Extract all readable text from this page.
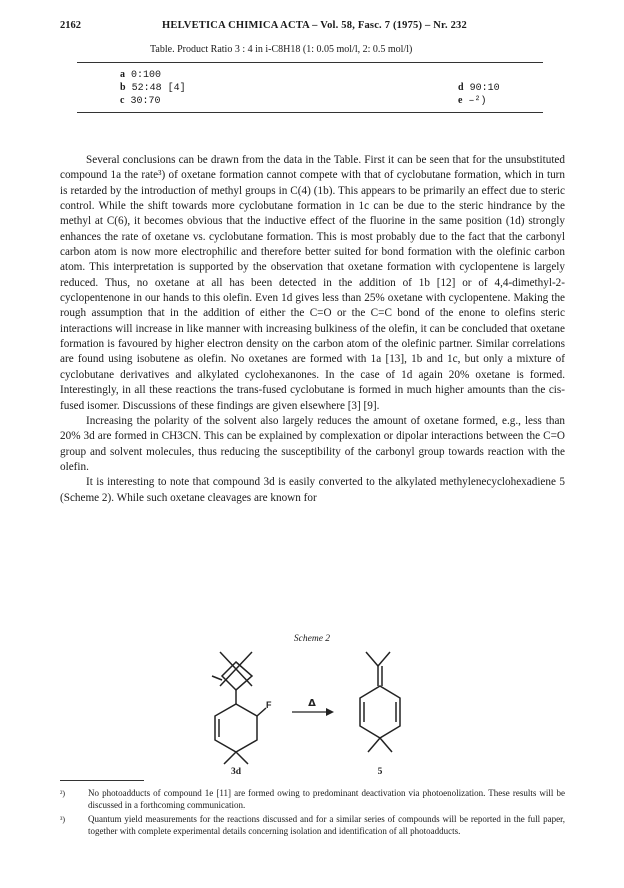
2162	HELVETICA CHIMICA ACTA – Vol. 58, Fasc. 7 (1975) – Nr. 232
Table. Product Ratio 3 : 4 in i-C8H18 (1: 0.05 mol/l, 2: 0.5 mol/l)
a 0:100
b 52:48 [4]
c 30:70
d 90:10
e –²)

Several conclusions can be drawn from the data in the Table. First it can be seen that for the unsubstituted compound 1a the rate³) of oxetane formation cannot compete with that of cyclobutane formation, which in turn is retarded by the introduction of methyl groups in C(4) (1b). This appears to be primarily an effect due to steric control. While the shift towards more cyclobutane formation in 1c can be due to the steric hindrance by the methyl at C(6), it becomes obvious that the inductive effect of the fluorine in the same position (1d) strongly enhances the rate of oxetane vs. cyclobutane formation. This is most probably due to the fact that the carbonyl carbon atom is now more electrophilic and therefore better suited for bond formation with the olefinic carbon atom. This interpretation is supported by the observation that oxetane formation with cyclopentene is largely reduced. Thus, no oxetane at all has been detected in the addition of 1b [12] or of 4,4-dimethyl-2-cyclopentenone in our hands to this olefin. Even 1d gives less than 25% oxetane with cyclopentene. Making the rough assumption that in the addition of either the C=O or the C=C bond of the enone to olefins steric interactions will increase in like manner with increasing bulkiness of the olefin, it can be concluded that oxetane formation is favoured by higher electron density on the carbon atom of the olefinic partner. Similar correlations are found using isobutene as olefin. No oxetanes are formed with 1a [13], 1b and 1c, but only a mixture of cyclobutane derivatives and alkylated cyclohexanones. In the case of 1d again 20% oxetane is formed. Interestingly, in all these reactions the trans-fused cyclobutane is formed in much higher amounts than the cis-fused isomer. Discussions of these findings are given elsewhere [3] [9].

Increasing the polarity of the solvent also largely reduces the amount of oxetane formed, e.g., less than 20% 3d are formed in CH3CN. This can be explained by complexation or dipolar interactions between the C=O group and solvent molecules, thus reducing the susceptibility of the carbonyl group towards reaction with the olefin.

It is interesting to note that compound 3d is easily converted to the alkylated methylenecyclohexadiene 5 (Scheme 2). While such oxetane cleavages are known for

Scheme 2
F
3d
Δ
5
²)	No photoadducts of compound 1e [11] are formed owing to predominant deactivation via photoenolization. These results will be discussed in a forthcoming communication.
³)	Quantum yield measurements for the reactions discussed and for a similar series of compounds will be reported in the full paper, together with complete experimental details concerning isolation and identification of all photoadducts.
